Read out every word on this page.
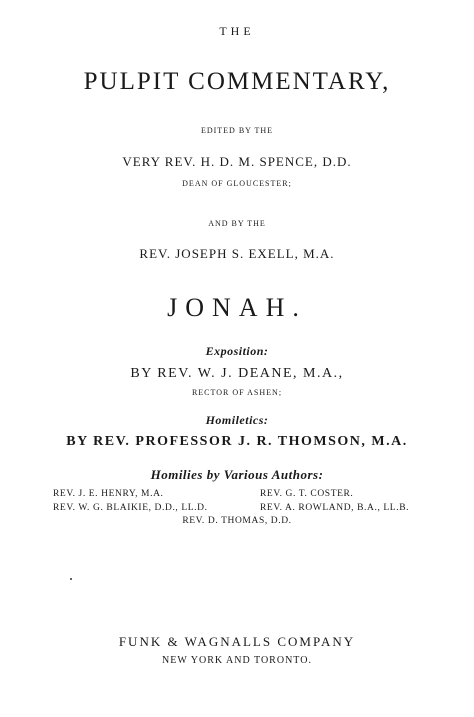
THE
PULPIT COMMENTARY,
EDITED BY THE
VERY REV. H. D. M. SPENCE, D.D.
DEAN OF GLOUCESTER;
AND BY THE
REV. JOSEPH S. EXELL, M.A.
JONAH.
Exposition:
BY REV. W. J. DEANE, M.A.,
RECTOR OF ASHEN;
Homiletics:
BY REV. PROFESSOR J. R. THOMSON, M.A.
Homilies by Various Authors:
REV. J. E. HENRY, M.A.	REV. G. T. COSTER.
REV. W. G. BLAIKIE, D.D., LL.D.	REV. A. ROWLAND, B.A., LL.B.
REV. D. THOMAS, D.D.
FUNK & WAGNALLS COMPANY
NEW YORK AND TORONTO.
